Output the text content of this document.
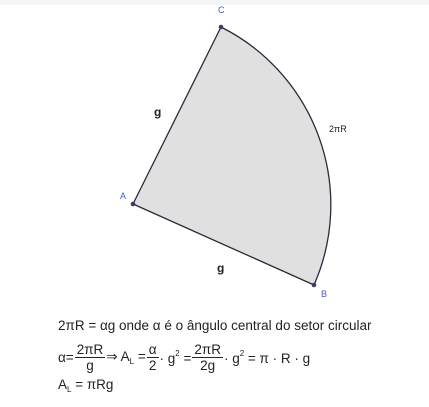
C
A
B
g
g
2πR
2πR = αg onde α é o ângulo central do setor circular
$\alpha= \frac{2\pi R}{g}$ ⇒ $A_L = \frac{\alpha}{2} \cdot g^2 = \frac{2\pi R}{2g} \cdot g^2 = \pi \cdot R \cdot g$
$A_L = \pi Rg$
